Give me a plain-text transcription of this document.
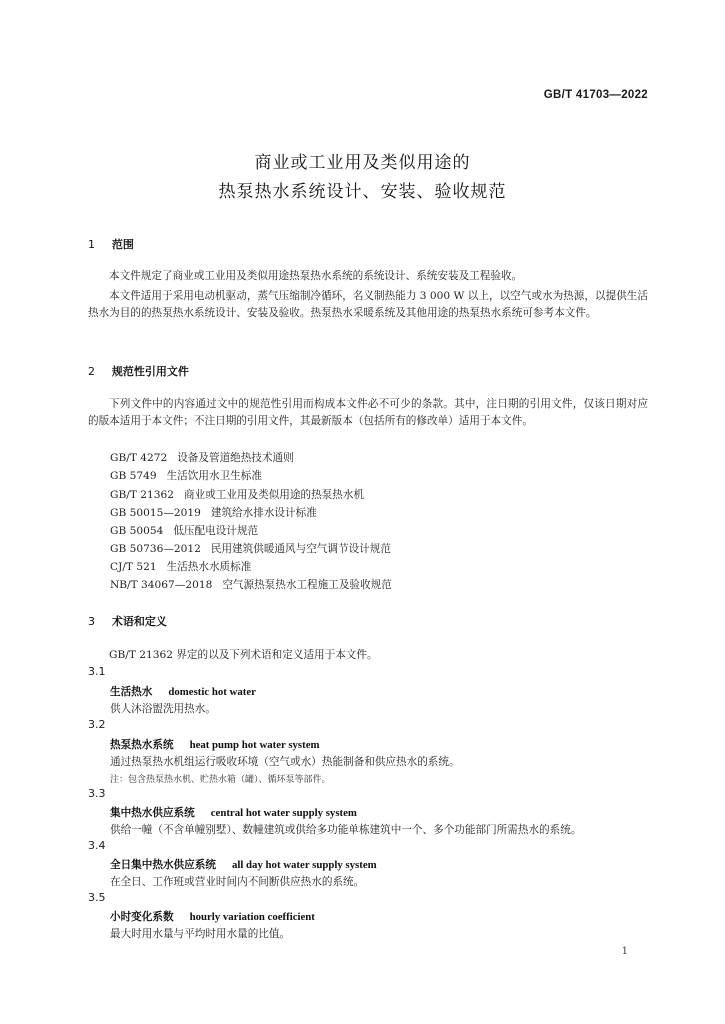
GB/T 41703—2022
商业或工业用及类似用途的
热泵热水系统设计、安装、验收规范
1 范围
本文件规定了商业或工业用及类似用途热泵热水系统的系统设计、系统安装及工程验收。
本文件适用于采用电动机驱动，蒸气压缩制冷循环，名义制热能力 3 000 W 以上，以空气或水为热源，以提供生活热水为目的的热泵热水系统设计、安装及验收。热泵热水采暖系统及其他用途的热泵热水系统可参考本文件。
2 规范性引用文件
下列文件中的内容通过文中的规范性引用而构成本文件必不可少的条款。其中，注日期的引用文件，仅该日期对应的版本适用于本文件；不注日期的引用文件，其最新版本（包括所有的修改单）适用于本文件。
GB/T 4272 设备及管道绝热技术通则
GB 5749 生活饮用水卫生标准
GB/T 21362 商业或工业用及类似用途的热泵热水机
GB 50015—2019 建筑给水排水设计标准
GB 50054 低压配电设计规范
GB 50736—2012 民用建筑供暖通风与空气调节设计规范
CJ/T 521 生活热水水质标准
NB/T 34067—2018 空气源热泵热水工程施工及验收规范
3 术语和定义
GB/T 21362 界定的以及下列术语和定义适用于本文件。
3.1
生活热水 domestic hot water
供人沐浴盥洗用热水。
3.2
热泵热水系统 heat pump hot water system
通过热泵热水机组运行吸收环境（空气或水）热能制备和供应热水的系统。
注：包含热泵热水机、贮热水箱（罐）、循环泵等部件。
3.3
集中热水供应系统 central hot water supply system
供给一幢（不含单幢别墅）、数幢建筑或供给多功能单栋建筑中一个、多个功能部门所需热水的系统。
3.4
全日集中热水供应系统 all day hot water supply system
在全日、工作班或营业时间内不间断供应热水的系统。
3.5
小时变化系数 hourly variation coefficient
最大时用水量与平均时用水量的比值。
1
